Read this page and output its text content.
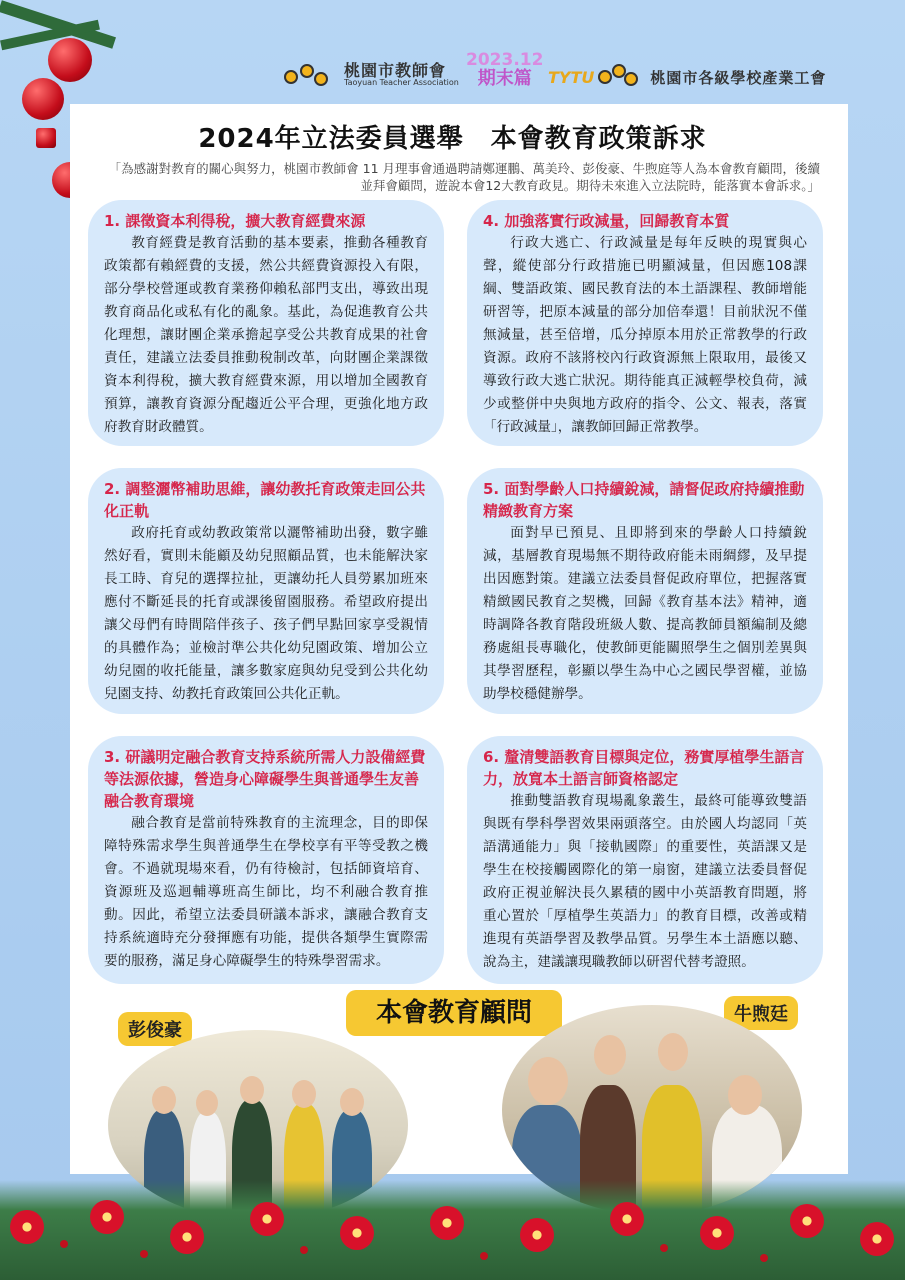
桃園市教師會
Taoyuan Teacher Association
2023.12
期末篇	TYTU	桃園市各級學校產業工會
2024年立法委員選舉　本會教育政策訴求
「為感謝對教育的關心與努力，桃園市教師會 11 月理事會通過聘請鄭運鵬、萬美玲、彭俊豪、牛煦庭等人為本會教育顧問，後續並拜會顧問，遊說本會12大教育政見。期待未來進入立法院時，能落實本會訴求。」
1. 課徵資本利得稅，擴大教育經費來源

教育經費是教育活動的基本要素，推動各種教育政策都有賴經費的支援，然公共經費資源投入有限，部分學校營運或教育業務仰賴私部門支出，導致出現教育商品化或私有化的亂象。基此，為促進教育公共化理想，讓財團企業承擔起享受公共教育成果的社會責任，建議立法委員推動稅制改革，向財團企業課徵資本利得稅，擴大教育經費來源，用以增加全國教育預算，讓教育資源分配趨近公平合理，更強化地方政府教育財政體質。

2. 調整灑幣補助思維，讓幼教托育政策走回公共化正軌

政府托育或幼教政策常以灑幣補助出發，數字雖然好看，實則未能顧及幼兒照顧品質，也未能解決家長工時、育兒的選擇拉扯，更讓幼托人員勞累加班來應付不斷延長的托育或課後留園服務。希望政府提出讓父母們有時間陪伴孩子、孩子們早點回家享受親情的具體作為；並檢討準公共化幼兒園政策、增加公立幼兒園的收托能量，讓多數家庭與幼兒受到公共化幼兒園支持、幼教托育政策回公共化正軌。

3. 研議明定融合教育支持系統所需人力設備經費等法源依據，營造身心障礙學生與普通學生友善融合教育環境

融合教育是當前特殊教育的主流理念，目的即保障特殊需求學生與普通學生在學校享有平等受教之機會。不過就現場來看，仍有待檢討，包括師資培育、資源班及巡迴輔導班高生師比，均不利融合教育推動。因此，希望立法委員研議本訴求，讓融合教育支持系統適時充分發揮應有功能，提供各類學生實際需要的服務，滿足身心障礙學生的特殊學習需求。

4. 加強落實行政減量，回歸教育本質

行政大逃亡、行政減量是每年反映的現實與心聲，縱使部分行政措施已明顯減量，但因應108課綱、雙語政策、國民教育法的本土語課程、教師增能研習等，把原本減量的部分加倍奉還！目前狀況不僅無減量，甚至倍增，瓜分掉原本用於正常教學的行政資源。政府不該將校內行政資源無上限取用，最後又導致行政大逃亡狀況。期待能真正減輕學校負荷，減少或整併中央與地方政府的指令、公文、報表，落實「行政減量」，讓教師回歸正常教學。

5. 面對學齡人口持續銳減，請督促政府持續推動精緻教育方案

面對早已預見、且即將到來的學齡人口持續銳減，基層教育現場無不期待政府能未雨綢繆，及早提出因應對策。建議立法委員督促政府單位，把握落實精緻國民教育之契機，回歸《教育基本法》精神，適時調降各教育階段班級人數、提高教師員額編制及總務處組長專職化，使教師更能關照學生之個別差異與其學習歷程，彰顯以學生為中心之國民學習權，並協助學校穩健辦學。

6. 釐清雙語教育目標與定位，務實厚植學生語言力，放寬本土語言師資格認定

推動雙語教育現場亂象叢生，最終可能導致雙語與既有學科學習效果兩頭落空。由於國人均認同「英語溝通能力」與「接軌國際」的重要性，英語課又是學生在校接觸國際化的第一扇窗，建議立法委員督促政府正視並解決長久累積的國中小英語教育問題，將重心置於「厚植學生英語力」的教育目標，改善或精進現有英語學習及教學品質。另學生本土語應以聽、說為主，建議讓現職教師以研習代替考證照。

本會教育顧問
彭俊豪
牛煦廷
